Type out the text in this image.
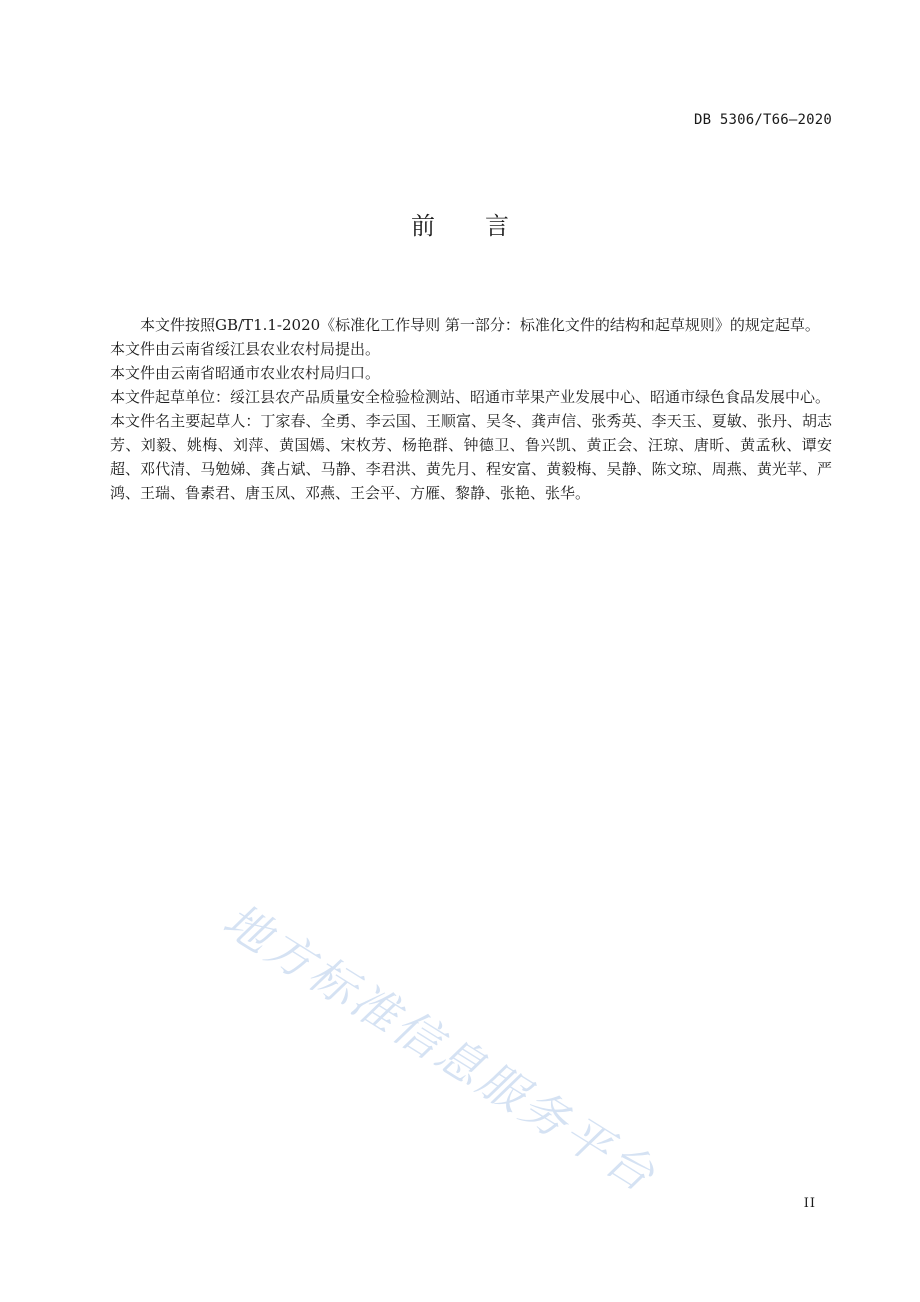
DB 5306/T66—2020
前言

本文件按照GB/T1.1-2020《标准化工作导则 第一部分：标准化文件的结构和起草规则》的规定起草。

本文件由云南省绥江县农业农村局提出。

本文件由云南省昭通市农业农村局归口。

本文件起草单位：绥江县农产品质量安全检验检测站、昭通市苹果产业发展中心、昭通市绿色食品发展中心。

本文件名主要起草人：丁家春、全勇、李云国、王顺富、吴冬、龚声信、张秀英、李天玉、夏敏、张丹、胡志芳、刘毅、姚梅、刘萍、黄国嫣、宋枚芳、杨艳群、钟德卫、鲁兴凯、黄正会、汪琼、唐昕、黄孟秋、谭安超、邓代清、马勉娣、龚占斌、马静、李君洪、黄先月、程安富、黄毅梅、吴静、陈文琼、周燕、黄光苹、严鸿、王瑞、鲁素君、唐玉凤、邓燕、王会平、方雁、黎静、张艳、张华。

地方标准信息服务平台
II
